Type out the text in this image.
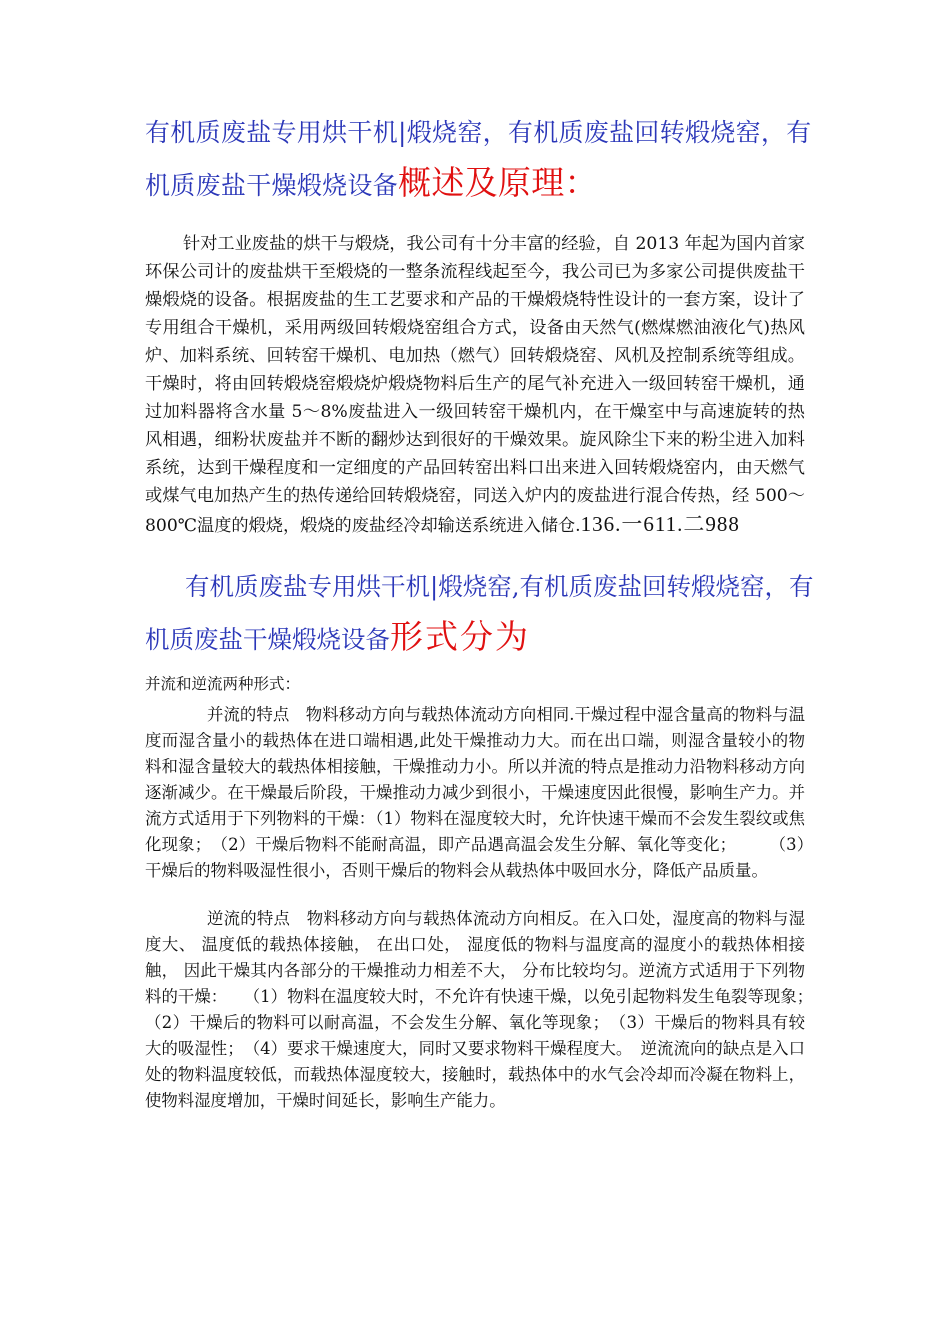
有机质废盐专用烘干机|煅烧窑，有机质废盐回转煅烧窑，有机质废盐干燥煅烧设备概述及原理：

针对工业废盐的烘干与煅烧，我公司有十分丰富的经验，自 2013 年起为国内首家环保公司计的废盐烘干至煅烧的一整条流程线起至今，我公司已为多家公司提供废盐干燥煅烧的设备。根据废盐的生工艺要求和产品的干燥煅烧特性设计的一套方案，设计了专用组合干燥机，采用两级回转煅烧窑组合方式，设备由天然气(燃煤燃油液化气)热风炉、加料系统、回转窑干燥机、电加热（燃气）回转煅烧窑、风机及控制系统等组成。干燥时，将由回转煅烧窑煅烧炉煅烧物料后生产的尾气补充进入一级回转窑干燥机，通过加料器将含水量 5～8%废盐进入一级回转窑干燥机内，在干燥室中与高速旋转的热风相遇，细粉状废盐并不断的翻炒达到很好的干燥效果。旋风除尘下来的粉尘进入加料系统，达到干燥程度和一定细度的产品回转窑出料口出来进入回转煅烧窑内，由天燃气或煤气电加热产生的热传递给回转煅烧窑，同送入炉内的废盐进行混合传热，经 500～800℃温度的煅烧，煅烧的废盐经冷却输送系统进入储仓.136.一611.二988

有机质废盐专用烘干机|煅烧窑,有机质废盐回转煅烧窑，有机质废盐干燥煅烧设备形式分为

并流和逆流两种形式：

并流的特点　物料移动方向与载热体流动方向相同.干燥过程中湿含量高的物料与温度而湿含量小的载热体在进口端相遇,此处干燥推动力大。而在出口端，则湿含量较小的物料和湿含量较大的载热体相接触，干燥推动力小。所以并流的特点是推动力沿物料移动方向逐渐减少。在干燥最后阶段，干燥推动力减少到很小，干燥速度因此很慢，影响生产力。并流方式适用于下列物料的干燥：（1）物料在湿度较大时，允许快速干燥而不会发生裂纹或焦化现象；　（2）干燥后物料不能耐高温，即产品遇高温会发生分解、氧化等变化；　　　（3）干燥后的物料吸湿性很小，否则干燥后的物料会从载热体中吸回水分，降低产品质量。

逆流的特点　物料移动方向与载热体流动方向相反。在入口处，湿度高的物料与湿度大、 温度低的载热体接触， 在出口处， 湿度低的物料与温度高的湿度小的载热体相接触， 因此干燥其内各部分的干燥推动力相差不大， 分布比较均匀。逆流方式适用于下列物料的干燥：　　（1）物料在温度较大时，不允许有快速干燥，以免引起物料发生龟裂等现象；　　（2）干燥后的物料可以耐高温，不会发生分解、氧化等现象；　（3）干燥后的物料具有较大的吸湿性；　（4）要求干燥速度大，同时又要求物料干燥程度大。　逆流流向的缺点是入口处的物料温度较低，而载热体湿度较大，接触时，载热体中的水气会冷却而冷凝在物料上，使物料湿度增加，干燥时间延长，影响生产能力。
